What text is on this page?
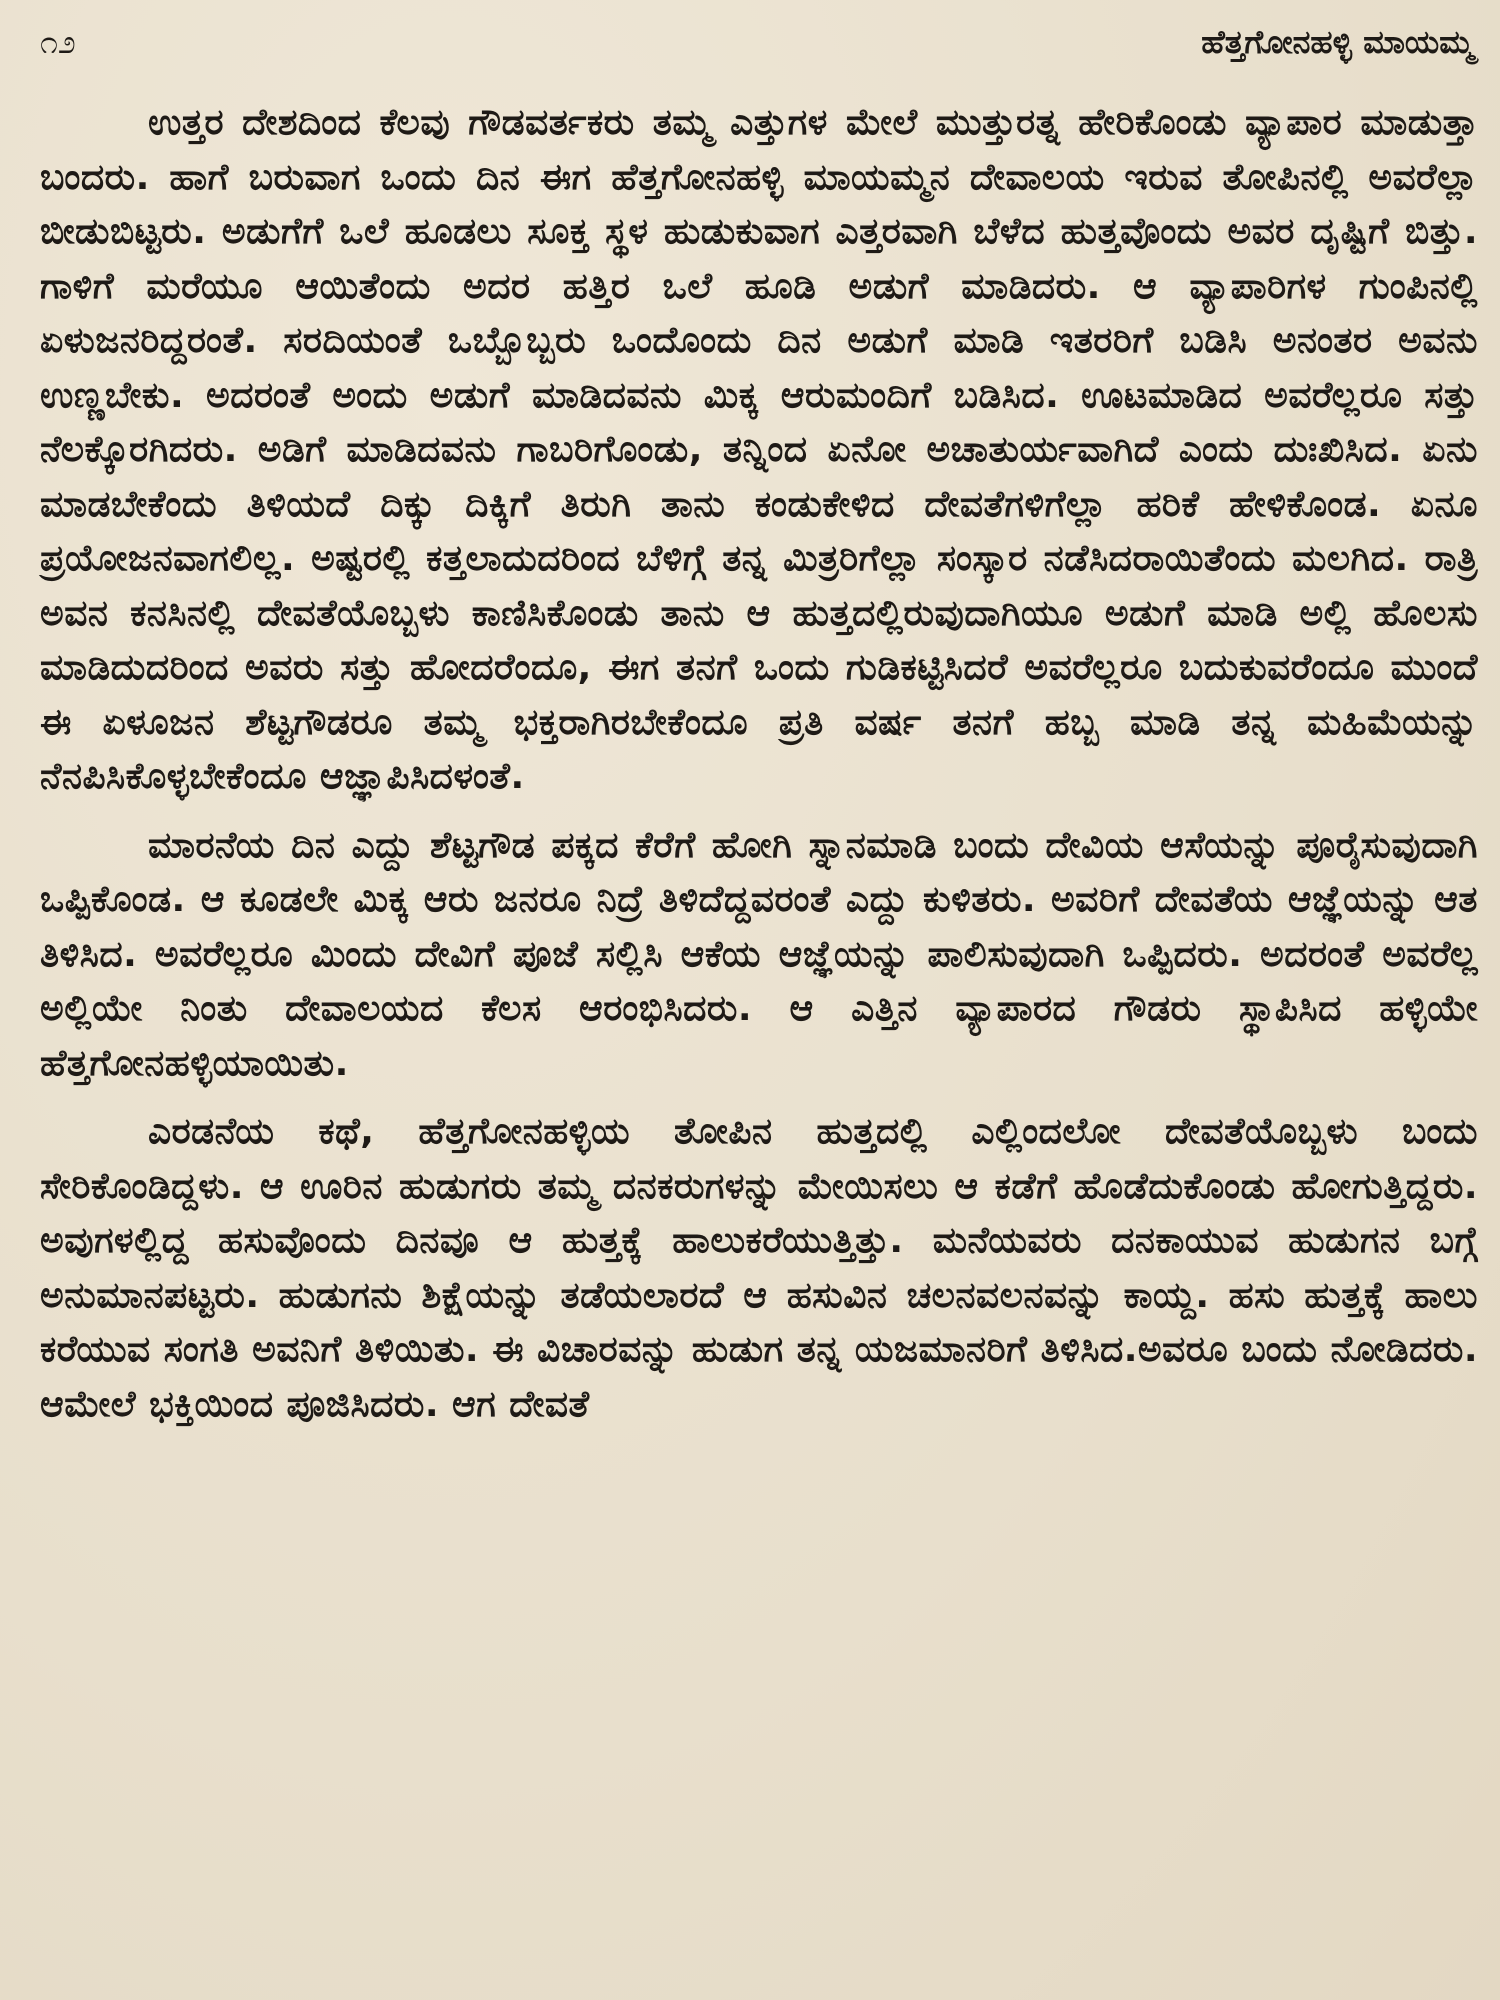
೧೨	ಹೆತ್ತಗೋನಹಳ್ಳಿ ಮಾಯಮ್ಮ

ಉತ್ತರ ದೇಶದಿಂದ ಕೆಲವು ಗೌಡವರ್ತಕರು ತಮ್ಮ ಎತ್ತುಗಳ ಮೇಲೆ ಮುತ್ತುರತ್ನ ಹೇರಿಕೊಂಡು ವ್ಯಾಪಾರ ಮಾಡುತ್ತಾ ಬಂದರು. ಹಾಗೆ ಬರುವಾಗ ಒಂದು ದಿನ ಈಗ ಹೆತ್ತಗೋನಹಳ್ಳಿ ಮಾಯಮ್ಮನ ದೇವಾಲಯ ಇರುವ ತೋಪಿನಲ್ಲಿ ಅವರೆಲ್ಲಾ ಬೀಡುಬಿಟ್ಟರು. ಅಡುಗೆಗೆ ಒಲೆ ಹೂಡಲು ಸೂಕ್ತ ಸ್ಥಳ ಹುಡುಕುವಾಗ ಎತ್ತರವಾಗಿ ಬೆಳೆದ ಹುತ್ತವೊಂದು ಅವರ ದೃಷ್ಟಿಗೆ ಬಿತ್ತು. ಗಾಳಿಗೆ ಮರೆಯೂ ಆಯಿತೆಂದು ಅದರ ಹತ್ತಿರ ಒಲೆ ಹೂಡಿ ಅಡುಗೆ ಮಾಡಿದರು. ಆ ವ್ಯಾಪಾರಿಗಳ ಗುಂಪಿನಲ್ಲಿ ಏಳುಜನರಿದ್ದರಂತೆ. ಸರದಿಯಂತೆ ಒಬ್ಬೊಬ್ಬರು ಒಂದೊಂದು ದಿನ ಅಡುಗೆ ಮಾಡಿ ಇತರರಿಗೆ ಬಡಿಸಿ ಅನಂತರ ಅವನು ಉಣ್ಣಬೇಕು. ಅದರಂತೆ ಅಂದು ಅಡುಗೆ ಮಾಡಿದವನು ಮಿಕ್ಕ ಆರುಮಂದಿಗೆ ಬಡಿಸಿದ. ಊಟಮಾಡಿದ ಅವರೆಲ್ಲರೂ ಸತ್ತು ನೆಲಕ್ಕೊರಗಿದರು. ಅಡಿಗೆ ಮಾಡಿದವನು ಗಾಬರಿಗೊಂಡು, ತನ್ನಿಂದ ಏನೋ ಅಚಾತುರ್ಯವಾಗಿದೆ ಎಂದು ದುಃಖಿಸಿದ. ಏನು ಮಾಡಬೇಕೆಂದು ತಿಳಿಯದೆ ದಿಕ್ಕು ದಿಕ್ಕಿಗೆ ತಿರುಗಿ ತಾನು ಕಂಡುಕೇಳಿದ ದೇವತೆಗಳಿಗೆಲ್ಲಾ ಹರಿಕೆ ಹೇಳಿಕೊಂಡ. ಏನೂ ಪ್ರಯೋಜನವಾಗಲಿಲ್ಲ. ಅಷ್ಟರಲ್ಲಿ ಕತ್ತಲಾದುದರಿಂದ ಬೆಳಿಗ್ಗೆ ತನ್ನ ಮಿತ್ರರಿಗೆಲ್ಲಾ ಸಂಸ್ಕಾರ ನಡೆಸಿದರಾಯಿತೆಂದು ಮಲಗಿದ. ರಾತ್ರಿ ಅವನ ಕನಸಿನಲ್ಲಿ ದೇವತೆಯೊಬ್ಬಳು ಕಾಣಿಸಿಕೊಂಡು ತಾನು ಆ ಹುತ್ತದಲ್ಲಿರುವುದಾಗಿಯೂ ಅಡುಗೆ ಮಾಡಿ ಅಲ್ಲಿ ಹೊಲಸು ಮಾಡಿದುದರಿಂದ ಅವರು ಸತ್ತು ಹೋದರೆಂದೂ, ಈಗ ತನಗೆ ಒಂದು ಗುಡಿಕಟ್ಟಿಸಿದರೆ ಅವರೆಲ್ಲರೂ ಬದುಕುವರೆಂದೂ ಮುಂದೆ ಈ ಏಳೂಜನ ಶೆಟ್ಟಗೌಡರೂ ತಮ್ಮ ಭಕ್ತರಾಗಿರಬೇಕೆಂದೂ ಪ್ರತಿ ವರ್ಷ ತನಗೆ ಹಬ್ಬ ಮಾಡಿ ತನ್ನ ಮಹಿಮೆಯನ್ನು ನೆನಪಿಸಿಕೊಳ್ಳಬೇಕೆಂದೂ ಆಜ್ಞಾಪಿಸಿದಳಂತೆ.

ಮಾರನೆಯ ದಿನ ಎದ್ದು ಶೆಟ್ಟಗೌಡ ಪಕ್ಕದ ಕೆರೆಗೆ ಹೋಗಿ ಸ್ನಾನಮಾಡಿ ಬಂದು ದೇವಿಯ ಆಸೆಯನ್ನು ಪೂರೈಸುವುದಾಗಿ ಒಪ್ಪಿಕೊಂಡ. ಆ ಕೂಡಲೇ ಮಿಕ್ಕ ಆರು ಜನರೂ ನಿದ್ರೆ ತಿಳಿದೆದ್ದವರಂತೆ ಎದ್ದು ಕುಳಿತರು. ಅವರಿಗೆ ದೇವತೆಯ ಆಜ್ಞೆಯನ್ನು ಆತ ತಿಳಿಸಿದ. ಅವರೆಲ್ಲರೂ ಮಿಂದು ದೇವಿಗೆ ಪೂಜೆ ಸಲ್ಲಿಸಿ ಆಕೆಯ ಆಜ್ಞೆಯನ್ನು ಪಾಲಿಸುವುದಾಗಿ ಒಪ್ಪಿದರು. ಅದರಂತೆ ಅವರೆಲ್ಲ ಅಲ್ಲಿಯೇ ನಿಂತು ದೇವಾಲಯದ ಕೆಲಸ ಆರಂಭಿಸಿದರು. ಆ ಎತ್ತಿನ ವ್ಯಾಪಾರದ ಗೌಡರು ಸ್ಥಾಪಿಸಿದ ಹಳ್ಳಿಯೇ ಹೆತ್ತಗೋನಹಳ್ಳಿಯಾಯಿತು.

ಎರಡನೆಯ ಕಥೆ, ಹೆತ್ತಗೋನಹಳ್ಳಿಯ ತೋಪಿನ ಹುತ್ತದಲ್ಲಿ ಎಲ್ಲಿಂದಲೋ ದೇವತೆಯೊಬ್ಬಳು ಬಂದು ಸೇರಿಕೊಂಡಿದ್ದಳು. ಆ ಊರಿನ ಹುಡುಗರು ತಮ್ಮ ದನಕರುಗಳನ್ನು ಮೇಯಿಸಲು ಆ ಕಡೆಗೆ ಹೊಡೆದುಕೊಂಡು ಹೋಗುತ್ತಿದ್ದರು. ಅವುಗಳಲ್ಲಿದ್ದ ಹಸುವೊಂದು ದಿನವೂ ಆ ಹುತ್ತಕ್ಕೆ ಹಾಲುಕರೆಯುತ್ತಿತ್ತು. ಮನೆಯವರು ದನಕಾಯುವ ಹುಡುಗನ ಬಗ್ಗೆ ಅನುಮಾನಪಟ್ಟರು. ಹುಡುಗನು ಶಿಕ್ಷೆಯನ್ನು ತಡೆಯಲಾರದೆ ಆ ಹಸುವಿನ ಚಲನವಲನವನ್ನು ಕಾಯ್ದ. ಹಸು ಹುತ್ತಕ್ಕೆ ಹಾಲು ಕರೆಯುವ ಸಂಗತಿ ಅವನಿಗೆ ತಿಳಿಯಿತು. ಈ ವಿಚಾರವನ್ನು ಹುಡುಗ ತನ್ನ ಯಜಮಾನರಿಗೆ ತಿಳಿಸಿದ.ಅವರೂ ಬಂದು ನೋಡಿದರು. ಆಮೇಲೆ ಭಕ್ತಿಯಿಂದ ಪೂಜಿಸಿದರು. ಆಗ ದೇವತೆ
